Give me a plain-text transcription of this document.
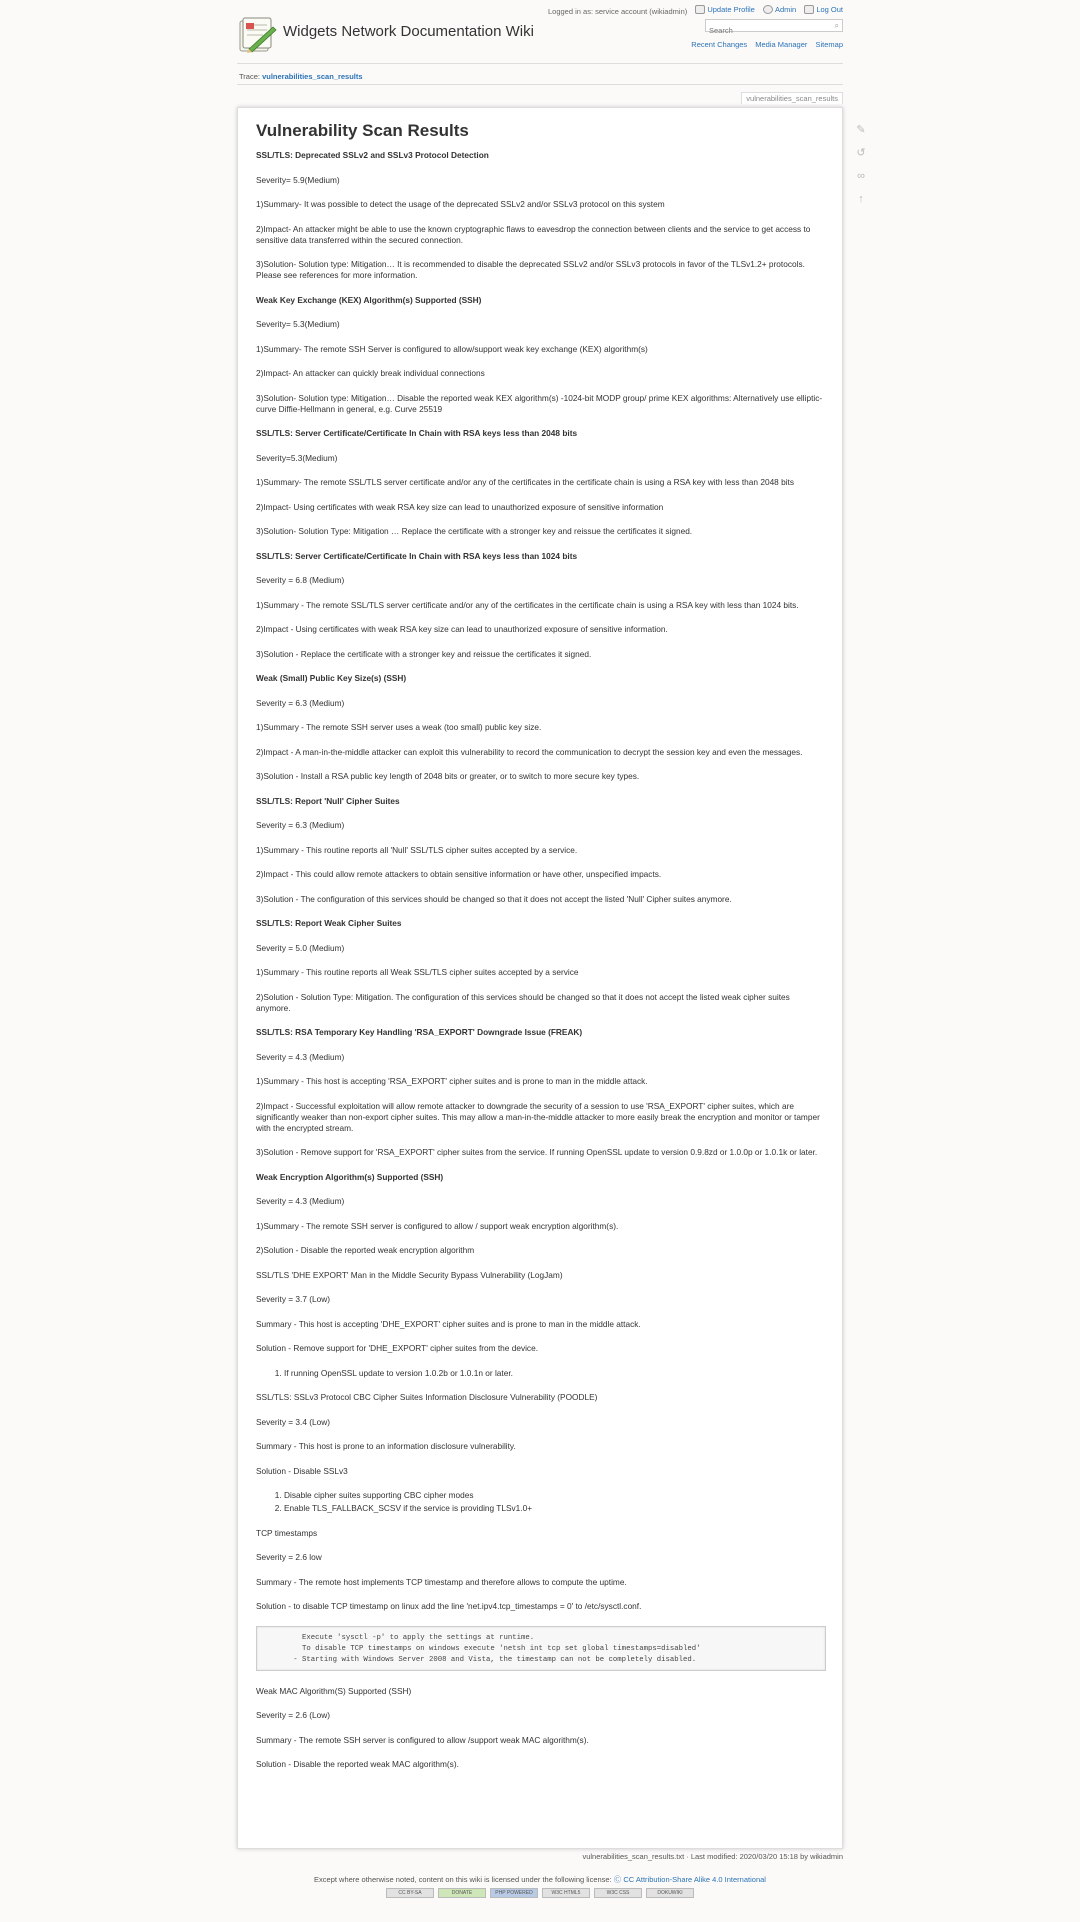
Widgets Network Documentation Wiki
Logged in as: service account (wikiadmin)	Update Profile
	Admin
	Log Out
Search
⌕
Recent Changes Media Manager Sitemap
Trace: vulnerabilities_scan_results
vulnerabilities_scan_results
Vulnerability Scan Results

SSL/TLS: Deprecated SSLv2 and SSLv3 Protocol Detection

Severity= 5.9(Medium)

1)Summary- It was possible to detect the usage of the deprecated SSLv2 and/or SSLv3 protocol on this system

2)Impact- An attacker might be able to use the known cryptographic flaws to eavesdrop the connection between clients and the service to get access to sensitive data transferred within the secured connection.

3)Solution- Solution type: Mitigation… It is recommended to disable the deprecated SSLv2 and/or SSLv3 protocols in favor of the TLSv1.2+ protocols. Please see references for more information.

Weak Key Exchange (KEX) Algorithm(s) Supported (SSH)

Severity= 5.3(Medium)

1)Summary- The remote SSH Server is configured to allow/support weak key exchange (KEX) algorithm(s)

2)Impact- An attacker can quickly break individual connections

3)Solution- Solution type: Mitigation… Disable the reported weak KEX algorithm(s) -1024-bit MODP group/ prime KEX algorithms: Alternatively use elliptic-curve Diffie-Hellmann in general, e.g. Curve 25519

SSL/TLS: Server Certificate/Certificate In Chain with RSA keys less than 2048 bits

Severity=5.3(Medium)

1)Summary- The remote SSL/TLS server certificate and/or any of the certificates in the certificate chain is using a RSA key with less than 2048 bits

2)Impact- Using certificates with weak RSA key size can lead to unauthorized exposure of sensitive information

3)Solution- Solution Type: Mitigation … Replace the certificate with a stronger key and reissue the certificates it signed.

SSL/TLS: Server Certificate/Certificate In Chain with RSA keys less than 1024 bits

Severity = 6.8 (Medium)

1)Summary - The remote SSL/TLS server certificate and/or any of the certificates in the certificate chain is using a RSA key with less than 1024 bits.

2)Impact - Using certificates with weak RSA key size can lead to unauthorized exposure of sensitive information.

3)Solution - Replace the certificate with a stronger key and reissue the certificates it signed.

Weak (Small) Public Key Size(s) (SSH)

Severity = 6.3 (Medium)

1)Summary - The remote SSH server uses a weak (too small) public key size.

2)Impact - A man-in-the-middle attacker can exploit this vulnerability to record the communication to decrypt the session key and even the messages.

3)Solution - Install a RSA public key length of 2048 bits or greater, or to switch to more secure key types.

SSL/TLS: Report 'Null' Cipher Suites

Severity = 6.3 (Medium)

1)Summary - This routine reports all 'Null' SSL/TLS cipher suites accepted by a service.

2)Impact - This could allow remote attackers to obtain sensitive information or have other, unspecified impacts.

3)Solution - The configuration of this services should be changed so that it does not accept the listed 'Null' Cipher suites anymore.

SSL/TLS: Report Weak Cipher Suites

Severity = 5.0 (Medium)

1)Summary - This routine reports all Weak SSL/TLS cipher suites accepted by a service

2)Solution - Solution Type: Mitigation. The configuration of this services should be changed so that it does not accept the listed weak cipher suites anymore.

SSL/TLS: RSA Temporary Key Handling 'RSA_EXPORT' Downgrade Issue (FREAK)

Severity = 4.3 (Medium)

1)Summary - This host is accepting 'RSA_EXPORT' cipher suites and is prone to man in the middle attack.

2)Impact - Successful exploitation will allow remote attacker to downgrade the security of a session to use 'RSA_EXPORT' cipher suites, which are significantly weaker than non-export cipher suites. This may allow a man-in-the-middle attacker to more easily break the encryption and monitor or tamper with the encrypted stream.

3)Solution - Remove support for 'RSA_EXPORT' cipher suites from the service. If running OpenSSL update to version 0.9.8zd or 1.0.0p or 1.0.1k or later.

Weak Encryption Algorithm(s) Supported (SSH)

Severity = 4.3 (Medium)

1)Summary - The remote SSH server is configured to allow / support weak encryption algorithm(s).

2)Solution - Disable the reported weak encryption algorithm

SSL/TLS 'DHE EXPORT' Man in the Middle Security Bypass Vulnerability (LogJam)

Severity = 3.7 (Low)

Summary - This host is accepting 'DHE_EXPORT' cipher suites and is prone to man in the middle attack.

Solution - Remove support for 'DHE_EXPORT' cipher suites from the device.

1. If running OpenSSL update to version 1.0.2b or 1.0.1n or later.

SSL/TLS: SSLv3 Protocol CBC Cipher Suites Information Disclosure Vulnerability (POODLE)

Severity = 3.4 (Low)

Summary - This host is prone to an information disclosure vulnerability.

Solution - Disable SSLv3

1. Disable cipher suites supporting CBC cipher modes
2. Enable TLS_FALLBACK_SCSV if the service is providing TLSv1.0+

TCP timestamps

Severity = 2.6 low

Summary - The remote host implements TCP timestamp and therefore allows to compute the uptime.

Solution - to disable TCP timestamp on linux add the line 'net.ipv4.tcp_timestamps = 0' to /etc/sysctl.conf.

Execute 'sysctl -p' to apply the settings at runtime.
To disable TCP timestamps on windows execute 'netsh int tcp set global timestamps=disabled'
- Starting with Windows Server 2008 and Vista, the timestamp can not be completely disabled.

Weak MAC Algorithm(S) Supported (SSH)

Severity = 2.6 (Low)

Summary - The remote SSH server is configured to allow /support weak MAC algorithm(s).

Solution - Disable the reported weak MAC algorithm(s).

vulnerabilities_scan_results.txt · Last modified: 2020/03/20 15:18 by wikiadmin
Except where otherwise noted, content on this wiki is licensed under the following license: Ⓒ CC Attribution-Share Alike 4.0 International
CC BY-SA	DONATE	PHP POWERED	W3C HTML5	W3C CSS	DOKUWIKI
✎
↺
∞
↑
